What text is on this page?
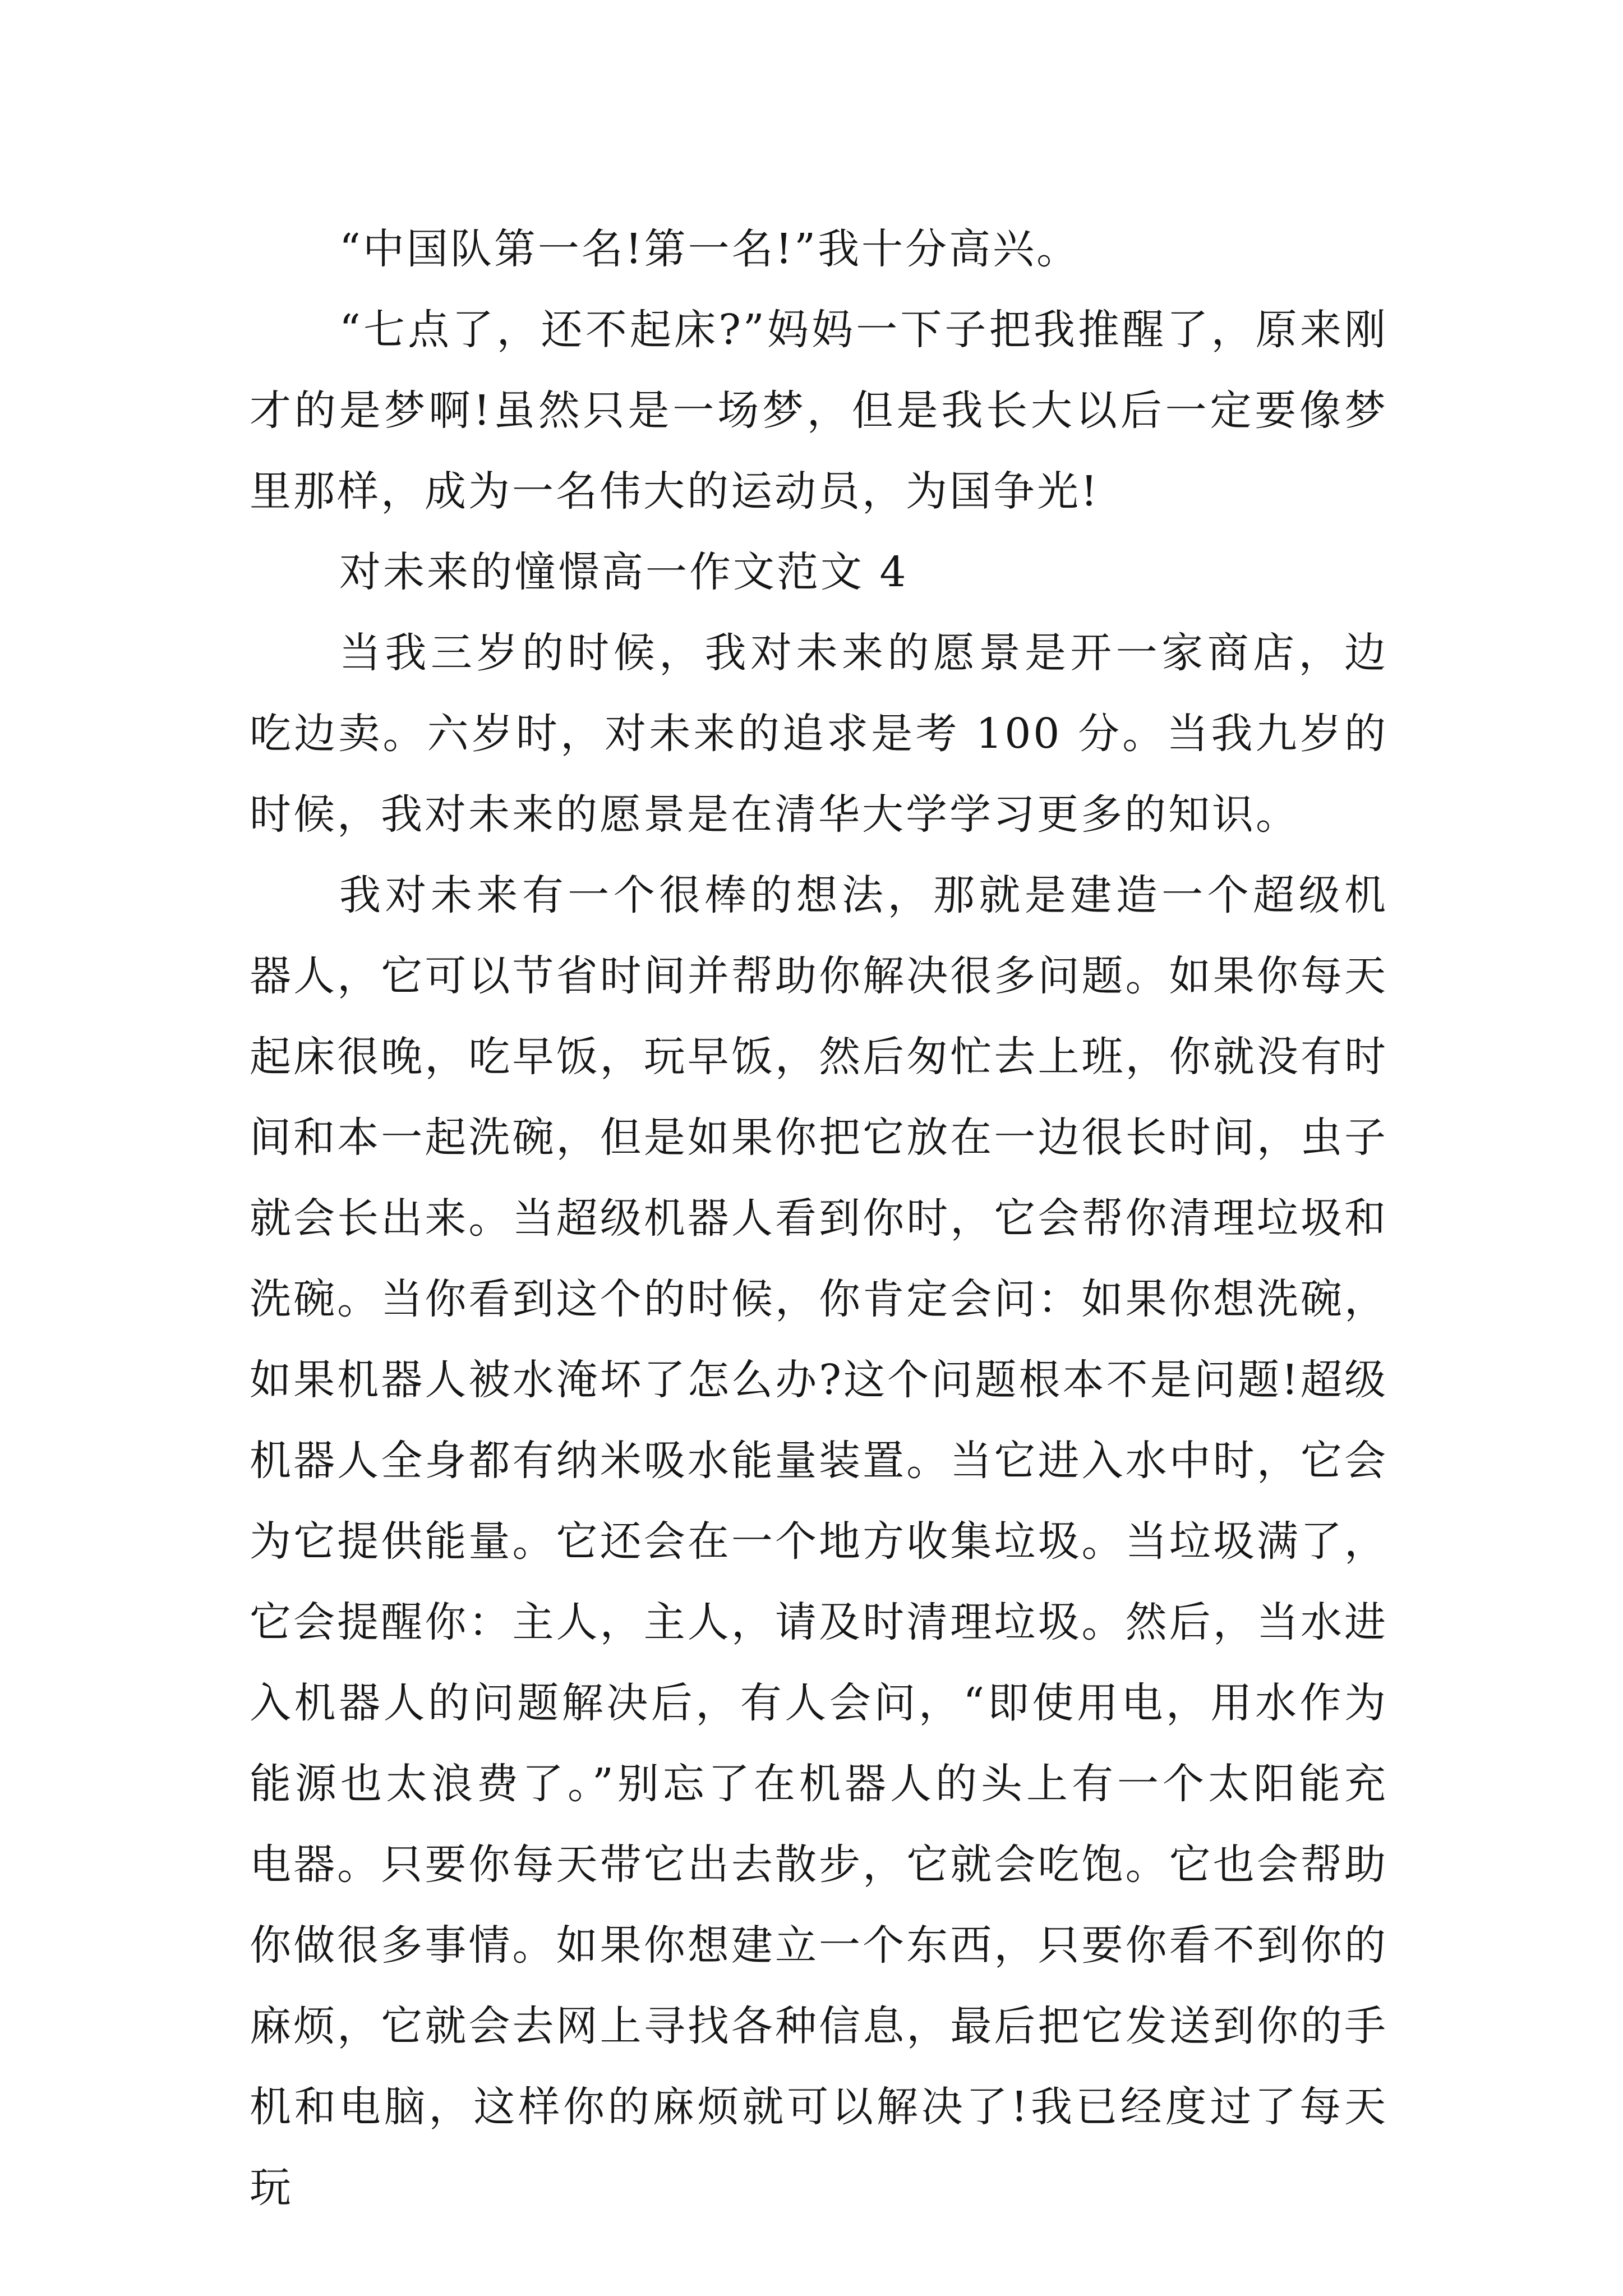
“中国队第一名!第一名!”我十分高兴。

“七点了，还不起床?”妈妈一下子把我推醒了，原来刚才的是梦啊!虽然只是一场梦，但是我长大以后一定要像梦里那样，成为一名伟大的运动员，为国争光!

对未来的憧憬高一作文范文 4

当我三岁的时候，我对未来的愿景是开一家商店，边吃边卖。六岁时，对未来的追求是考 100 分。当我九岁的时候，我对未来的愿景是在清华大学学习更多的知识。

我对未来有一个很棒的想法，那就是建造一个超级机器人，它可以节省时间并帮助你解决很多问题。如果你每天起床很晚，吃早饭，玩早饭，然后匆忙去上班，你就没有时间和本一起洗碗，但是如果你把它放在一边很长时间，虫子就会长出来。当超级机器人看到你时，它会帮你清理垃圾和洗碗。当你看到这个的时候，你肯定会问：如果你想洗碗，如果机器人被水淹坏了怎么办?这个问题根本不是问题!超级机器人全身都有纳米吸水能量装置。当它进入水中时，它会为它提供能量。它还会在一个地方收集垃圾。当垃圾满了，它会提醒你：主人，主人，请及时清理垃圾。然后，当水进入机器人的问题解决后，有人会问，“即使用电，用水作为能源也太浪费了。”别忘了在机器人的头上有一个太阳能充电器。只要你每天带它出去散步，它就会吃饱。它也会帮助你做很多事情。如果你想建立一个东西，只要你看不到你的麻烦，它就会去网上寻找各种信息，最后把它发送到你的手机和电脑，这样你的麻烦就可以解决了!我已经度过了每天玩
